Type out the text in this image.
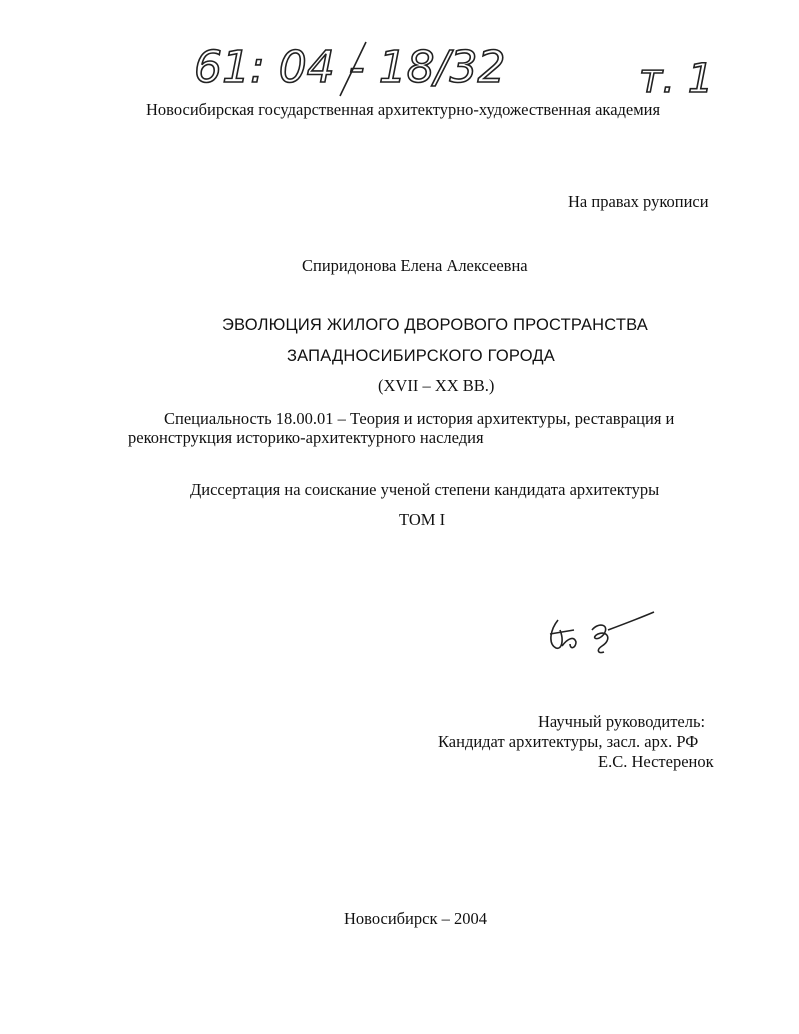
61: 04 - 18/32	т. 1
Новосибирская государственная архитектурно-художественная академия
На правах рукописи
Спиридонова Елена Алексеевна
ЭВОЛЮЦИЯ ЖИЛОГО ДВОРОВОГО ПРОСТРАНСТВА
ЗАПАДНОСИБИРСКОГО ГОРОДА
(XVII – XX ВВ.)
Специальность 18.00.01 – Теория и история архитектуры, реставрация и
реконструкция историко-архитектурного наследия
Диссертация на соискание ученой степени кандидата архитектуры
ТОМ I
Научный руководитель:
Кандидат архитектуры, засл. арх. РФ
Е.С. Нестеренок
Новосибирск – 2004
